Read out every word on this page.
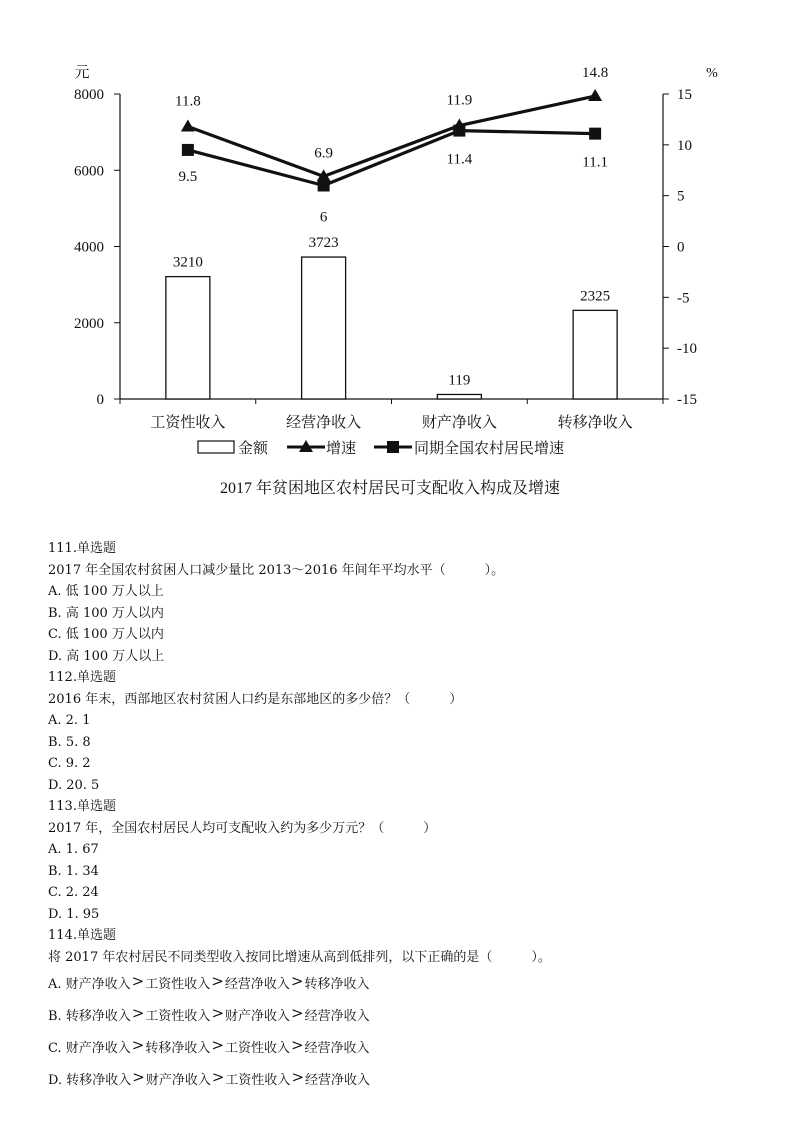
元	%
0
2000
4000
6000
8000
-15
-10
-5
0
5
10
15
工资性收入	经营净收入	财产净收入	转移净收入
3210
3723
119
2325
11.8
6.9
11.9
14.8
9.5
6
11.4	11.1
金额	增速	同期全国农村居民增速
2017 年贫困地区农村居民可支配收入构成及增速
111.单选题
2017 年全国农村贫困人口减少量比 2013～2016 年间年平均水平（　　　）。
A. 低 100 万人以上
B. 高 100 万人以内
C. 低 100 万人以内
D. 高 100 万人以上
112.单选题
2016 年末，西部地区农村贫困人口约是东部地区的多少倍？（　　　）
A. 2. 1
B. 5. 8
C. 9. 2
D. 20. 5
113.单选题
2017 年，全国农村居民人均可支配收入约为多少万元？（　　　）
A. 1. 67
B. 1. 34
C. 2. 24
D. 1. 95
114.单选题
将 2017 年农村居民不同类型收入按同比增速从高到低排列，以下正确的是（　　　）。
A. 财产净收入>工资性收入>经营净收入>转移净收入
B. 转移净收入>工资性收入>财产净收入>经营净收入
C. 财产净收入>转移净收入>工资性收入>经营净收入
D. 转移净收入>财产净收入>工资性收入>经营净收入
